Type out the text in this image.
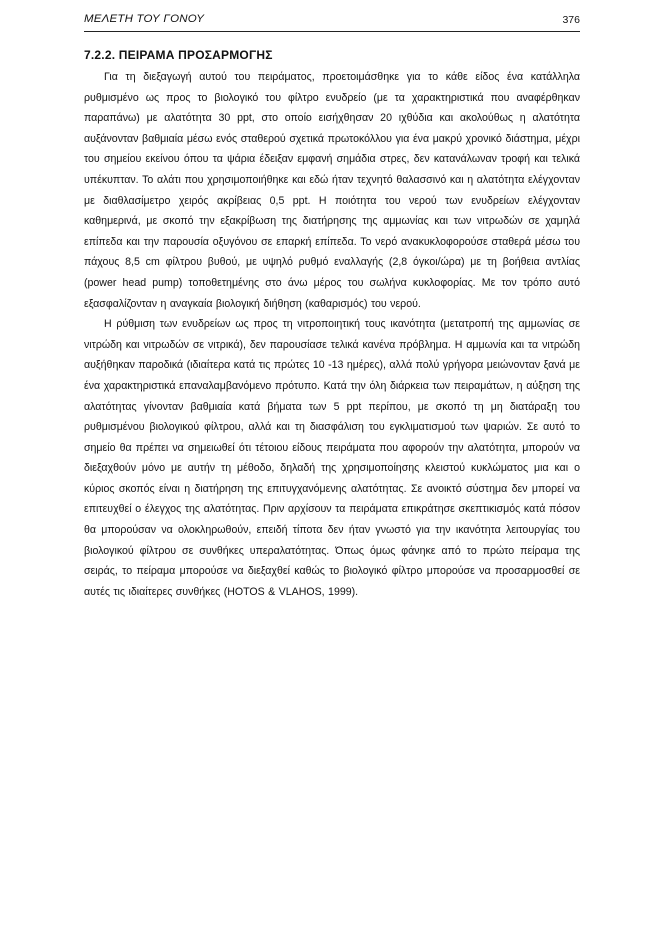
ΜΕΛΕΤΗ ΤΟΥ ΓΟΝΟΥ	376
7.2.2. ΠΕΙΡΑΜΑ ΠΡΟΣΑΡΜΟΓΗΣ

Για τη διεξαγωγή αυτού του πειράματος, προετοιμάσθηκε για το κάθε είδος ένα κατάλληλα ρυθμισμένο ως προς το βιολογικό του φίλτρο ενυδρείο (με τα χαρακτηριστικά που αναφέρθηκαν παραπάνω) με αλατότητα 30 ppt, στο οποίο εισήχθησαν 20 ιχθύδια και ακολούθως η αλατότητα αυξάνονταν βαθμιαία μέσω ενός σταθερού σχετικά πρωτοκόλλου για ένα μακρύ χρονικό διάστημα, μέχρι του σημείου εκείνου όπου τα ψάρια έδειξαν εμφανή σημάδια στρες, δεν κατανάλωναν τροφή και τελικά υπέκυπταν. Το αλάτι που χρησιμοποιήθηκε και εδώ ήταν τεχνητό θαλασσινό και η αλατότητα ελέγχονταν με διαθλασίμετρο χειρός ακρίβειας 0,5 ppt. Η ποιότητα του νερού των ενυδρείων ελέγχονταν καθημερινά, με σκοπό την εξακρίβωση της διατήρησης της αμμωνίας και των νιτρωδών σε χαμηλά επίπεδα και την παρουσία οξυγόνου σε επαρκή επίπεδα. Το νερό ανακυκλοφορούσε σταθερά μέσω του πάχους 8,5 cm φίλτρου βυθού, με υψηλό ρυθμό εναλλαγής (2,8 όγκοι/ώρα) με τη βοήθεια αντλίας (power head pump) τοποθετημένης στο άνω μέρος του σωλήνα κυκλοφορίας. Με τον τρόπο αυτό εξασφαλίζονταν η αναγκαία βιολογική διήθηση (καθαρισμός) του νερού.

Η ρύθμιση των ενυδρείων ως προς τη νιτροποιητική τους ικανότητα (μετατροπή της αμμωνίας σε νιτρώδη και νιτρωδών σε νιτρικά), δεν παρουσίασε τελικά κανένα πρόβλημα. Η αμμωνία και τα νιτρώδη αυξήθηκαν παροδικά (ιδιαίτερα κατά τις πρώτες 10 -13 ημέρες), αλλά πολύ γρήγορα μειώνονταν ξανά με ένα χαρακτηριστικά επαναλαμβανόμενο πρότυπο. Κατά την όλη διάρκεια των πειραμάτων, η αύξηση της αλατότητας γίνονταν βαθμιαία κατά βήματα των 5 ppt περίπου, με σκοπό τη μη διατάραξη του ρυθμισμένου βιολογικού φίλτρου, αλλά και τη διασφάλιση του εγκλιματισμού των ψαριών. Σε αυτό το σημείο θα πρέπει να σημειωθεί ότι τέτοιου είδους πειράματα που αφορούν την αλατότητα, μπορούν να διεξαχθούν μόνο με αυτήν τη μέθοδο, δηλαδή της χρησιμοποίησης κλειστού κυκλώματος μια και ο κύριος σκοπός είναι η διατήρηση της επιτυγχανόμενης αλατότητας. Σε ανοικτό σύστημα δεν μπορεί να επιτευχθεί ο έλεγχος της αλατότητας. Πριν αρχίσουν τα πειράματα επικράτησε σκεπτικισμός κατά πόσον θα μπορούσαν να ολοκληρωθούν, επειδή τίποτα δεν ήταν γνωστό για την ικανότητα λειτουργίας του βιολογικού φίλτρου σε συνθήκες υπεραλατότητας. Όπως όμως φάνηκε από το πρώτο πείραμα της σειράς, το πείραμα μπορούσε να διεξαχθεί καθώς το βιολογικό φίλτρο μπορούσε να προσαρμοσθεί σε αυτές τις ιδιαίτερες συνθήκες (HOTOS & VLAHOS, 1999).
